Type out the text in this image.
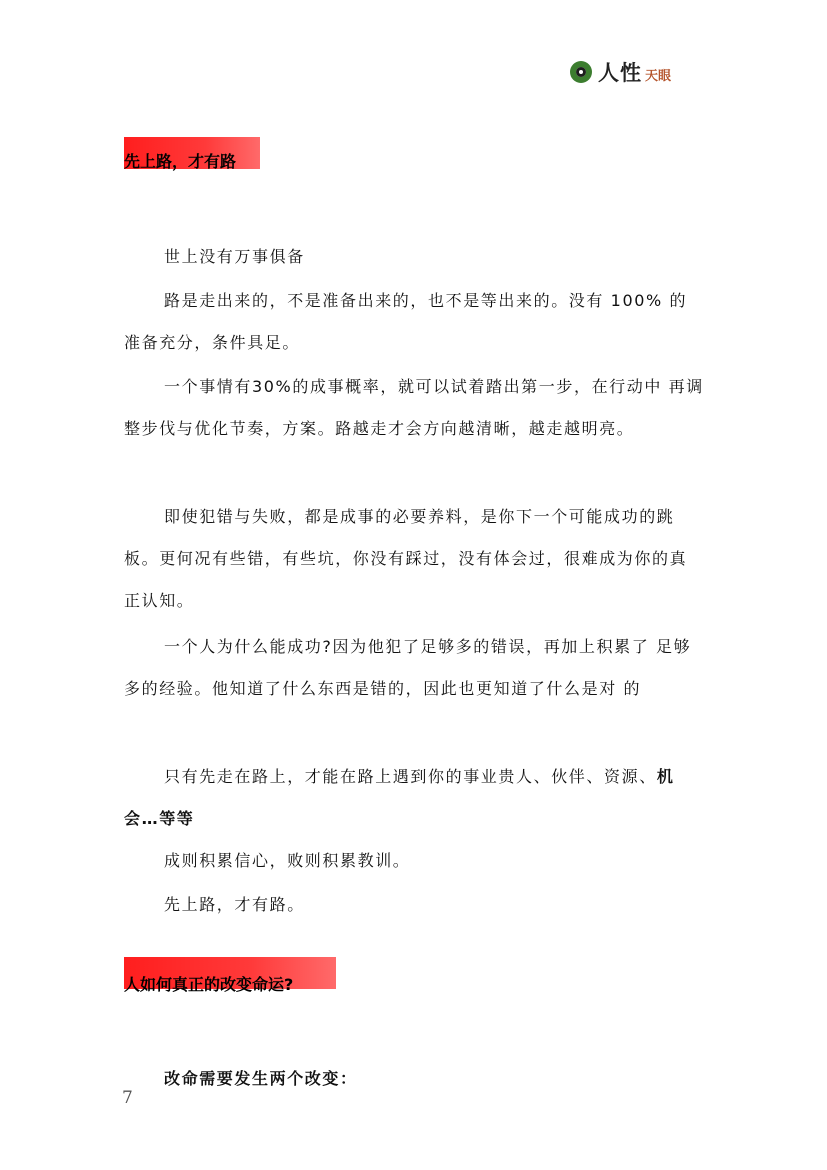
人性 天眼
先上路，才有路

世上没有万事俱备

路是走出来的，不是准备出来的，也不是等出来的。没有 100% 的准备充分，条件具足。

一个事情有30%的成事概率，就可以试着踏出第一步，在行动中 再调整步伐与优化节奏，方案。路越走才会方向越清晰，越走越明亮。

即使犯错与失败，都是成事的必要养料，是你下一个可能成功的跳板。更何况有些错，有些坑，你没有踩过，没有体会过，很难成为你的真正认知。

一个人为什么能成功?因为他犯了足够多的错误，再加上积累了 足够多的经验。他知道了什么东西是错的，因此也更知道了什么是对 的

只有先走在路上，才能在路上遇到你的事业贵人、伙伴、资源、机会…等等

成则积累信心，败则积累教训。

先上路，才有路。

人如何真正的改变命运?

改命需要发生两个改变：

7
